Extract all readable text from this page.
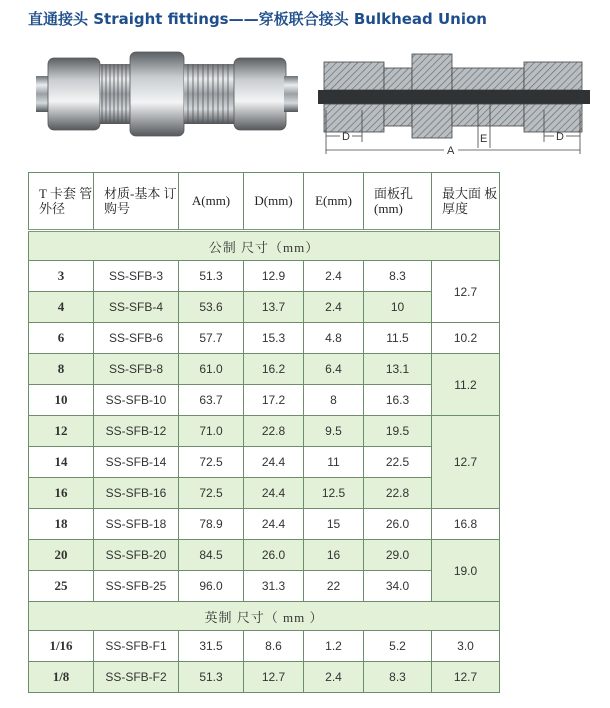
直通接头 Straight fittings——穿板联合接头 Bulkhead Union
D	D
E
A
T 卡套 管外径	材质-基本 订购号	A(mm)	D(mm)	E(mm)	面板孔 (mm)	最大面 板厚度
公制 尺寸（mm）						
3	SS-SFB-3	51.3	12.9	2.4	8.3	12.7
4	SS-SFB-4	53.6	13.7	2.4	10	
6	SS-SFB-6	57.7	15.3	4.8	11.5	10.2
8	SS-SFB-8	61.0	16.2	6.4	13.1	11.2
10	SS-SFB-10	63.7	17.2	8	16.3	
12	SS-SFB-12	71.0	22.8	9.5	19.5	12.7
14	SS-SFB-14	72.5	24.4	11	22.5	
16	SS-SFB-16	72.5	24.4	12.5	22.8	
18	SS-SFB-18	78.9	24.4	15	26.0	16.8
20	SS-SFB-20	84.5	26.0	16	29.0	19.0
25	SS-SFB-25	96.0	31.3	22	34.0	
英制 尺寸（ mm ）						
1/16	SS-SFB-F1	31.5	8.6	1.2	5.2	3.0
1/8	SS-SFB-F2	51.3	12.7	2.4	8.3	12.7
